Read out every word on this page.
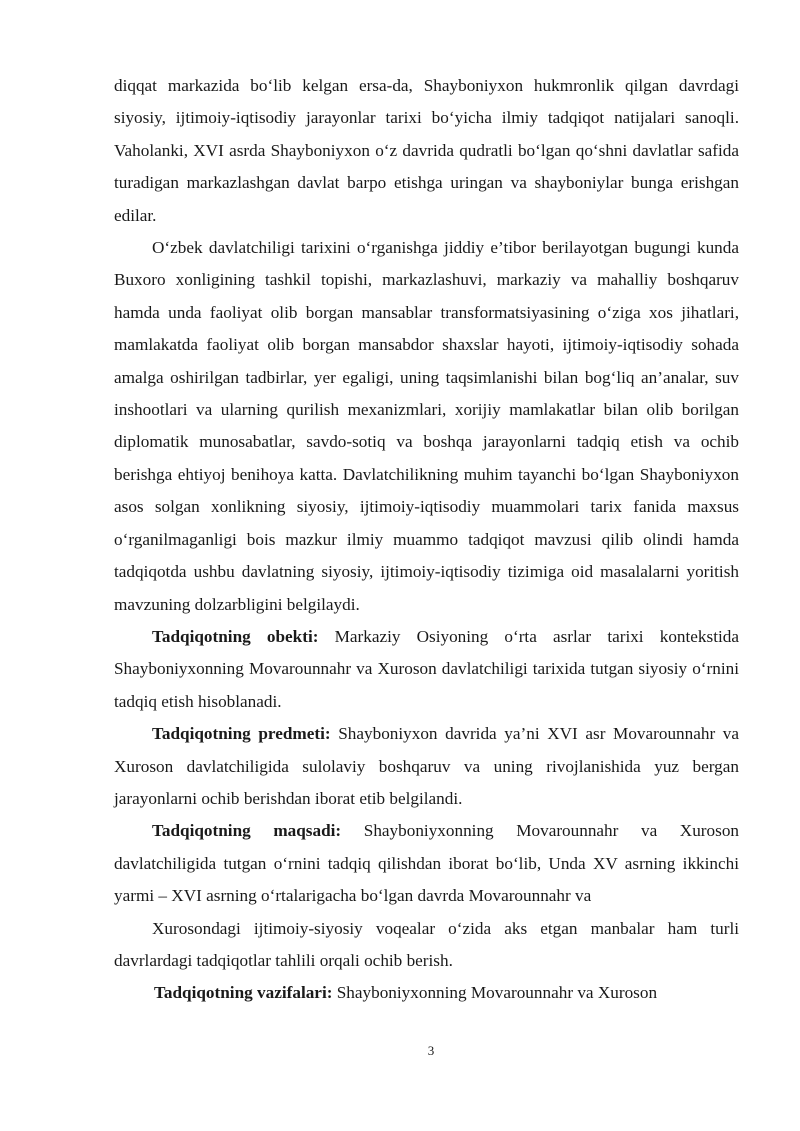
diqqat markazida bo‘lib kelgan ersa-da, Shayboniyxon hukmronlik qilgan davrdagi siyosiy, ijtimoiy-iqtisodiy jarayonlar tarixi bo‘yicha ilmiy tadqiqot natijalari sanoqli. Vaholanki, XVI asrda Shayboniyxon o‘z davrida qudratli bo‘lgan qo‘shni davlatlar safida turadigan markazlashgan davlat barpo etishga uringan va shayboniylar bunga erishgan edilar.

O‘zbek davlatchiligi tarixini o‘rganishga jiddiy e’tibor berilayotgan bugungi kunda Buxoro xonligining tashkil topishi, markazlashuvi, markaziy va mahalliy boshqaruv hamda unda faoliyat olib borgan mansablar transformatsiyasining o‘ziga xos jihatlari, mamlakatda faoliyat olib borgan mansabdor shaxslar hayoti, ijtimoiy-iqtisodiy sohada amalga oshirilgan tadbirlar, yer egaligi, uning taqsimlanishi bilan bog‘liq an’analar, suv inshootlari va ularning qurilish mexanizmlari, xorijiy mamlakatlar bilan olib borilgan diplomatik munosabatlar, savdo-sotiq va boshqa jarayonlarni tadqiq etish va ochib berishga ehtiyoj benihoya katta. Davlatchilikning muhim tayanchi bo‘lgan Shayboniyxon asos solgan xonlikning siyosiy, ijtimoiy-iqtisodiy muammolari tarix fanida maxsus o‘rganilmaganligi bois mazkur ilmiy muammo tadqiqot mavzusi qilib olindi hamda tadqiqotda ushbu davlatning siyosiy, ijtimoiy-iqtisodiy tizimiga oid masalalarni yoritish mavzuning dolzarbligini belgilaydi.

Tadqiqotning obekti: Markaziy Osiyoning o‘rta asrlar tarixi kontekstida Shayboniyxonning Movarounnahr va Xuroson davlatchiligi tarixida tutgan siyosiy o‘rnini tadqiq etish hisoblanadi.

Tadqiqotning predmeti: Shayboniyxon davrida ya’ni XVI asr Movarounnahr va Xuroson davlatchiligida sulolaviy boshqaruv va uning rivojlanishida yuz bergan jarayonlarni ochib berishdan iborat etib belgilandi.

Tadqiqotning maqsadi: Shayboniyxonning Movarounnahr va Xuroson davlatchiligida tutgan o‘rnini tadqiq qilishdan iborat bo‘lib, Unda XV asrning ikkinchi yarmi – XVI asrning o‘rtalarigacha bo‘lgan davrda Movarounnahr va

Xurosondagi ijtimoiy-siyosiy voqealar o‘zida aks etgan manbalar ham turli davrlardagi tadqiqotlar tahlili orqali ochib berish.

Tadqiqotning vazifalari: Shayboniyxonning Movarounnahr va Xuroson

3
